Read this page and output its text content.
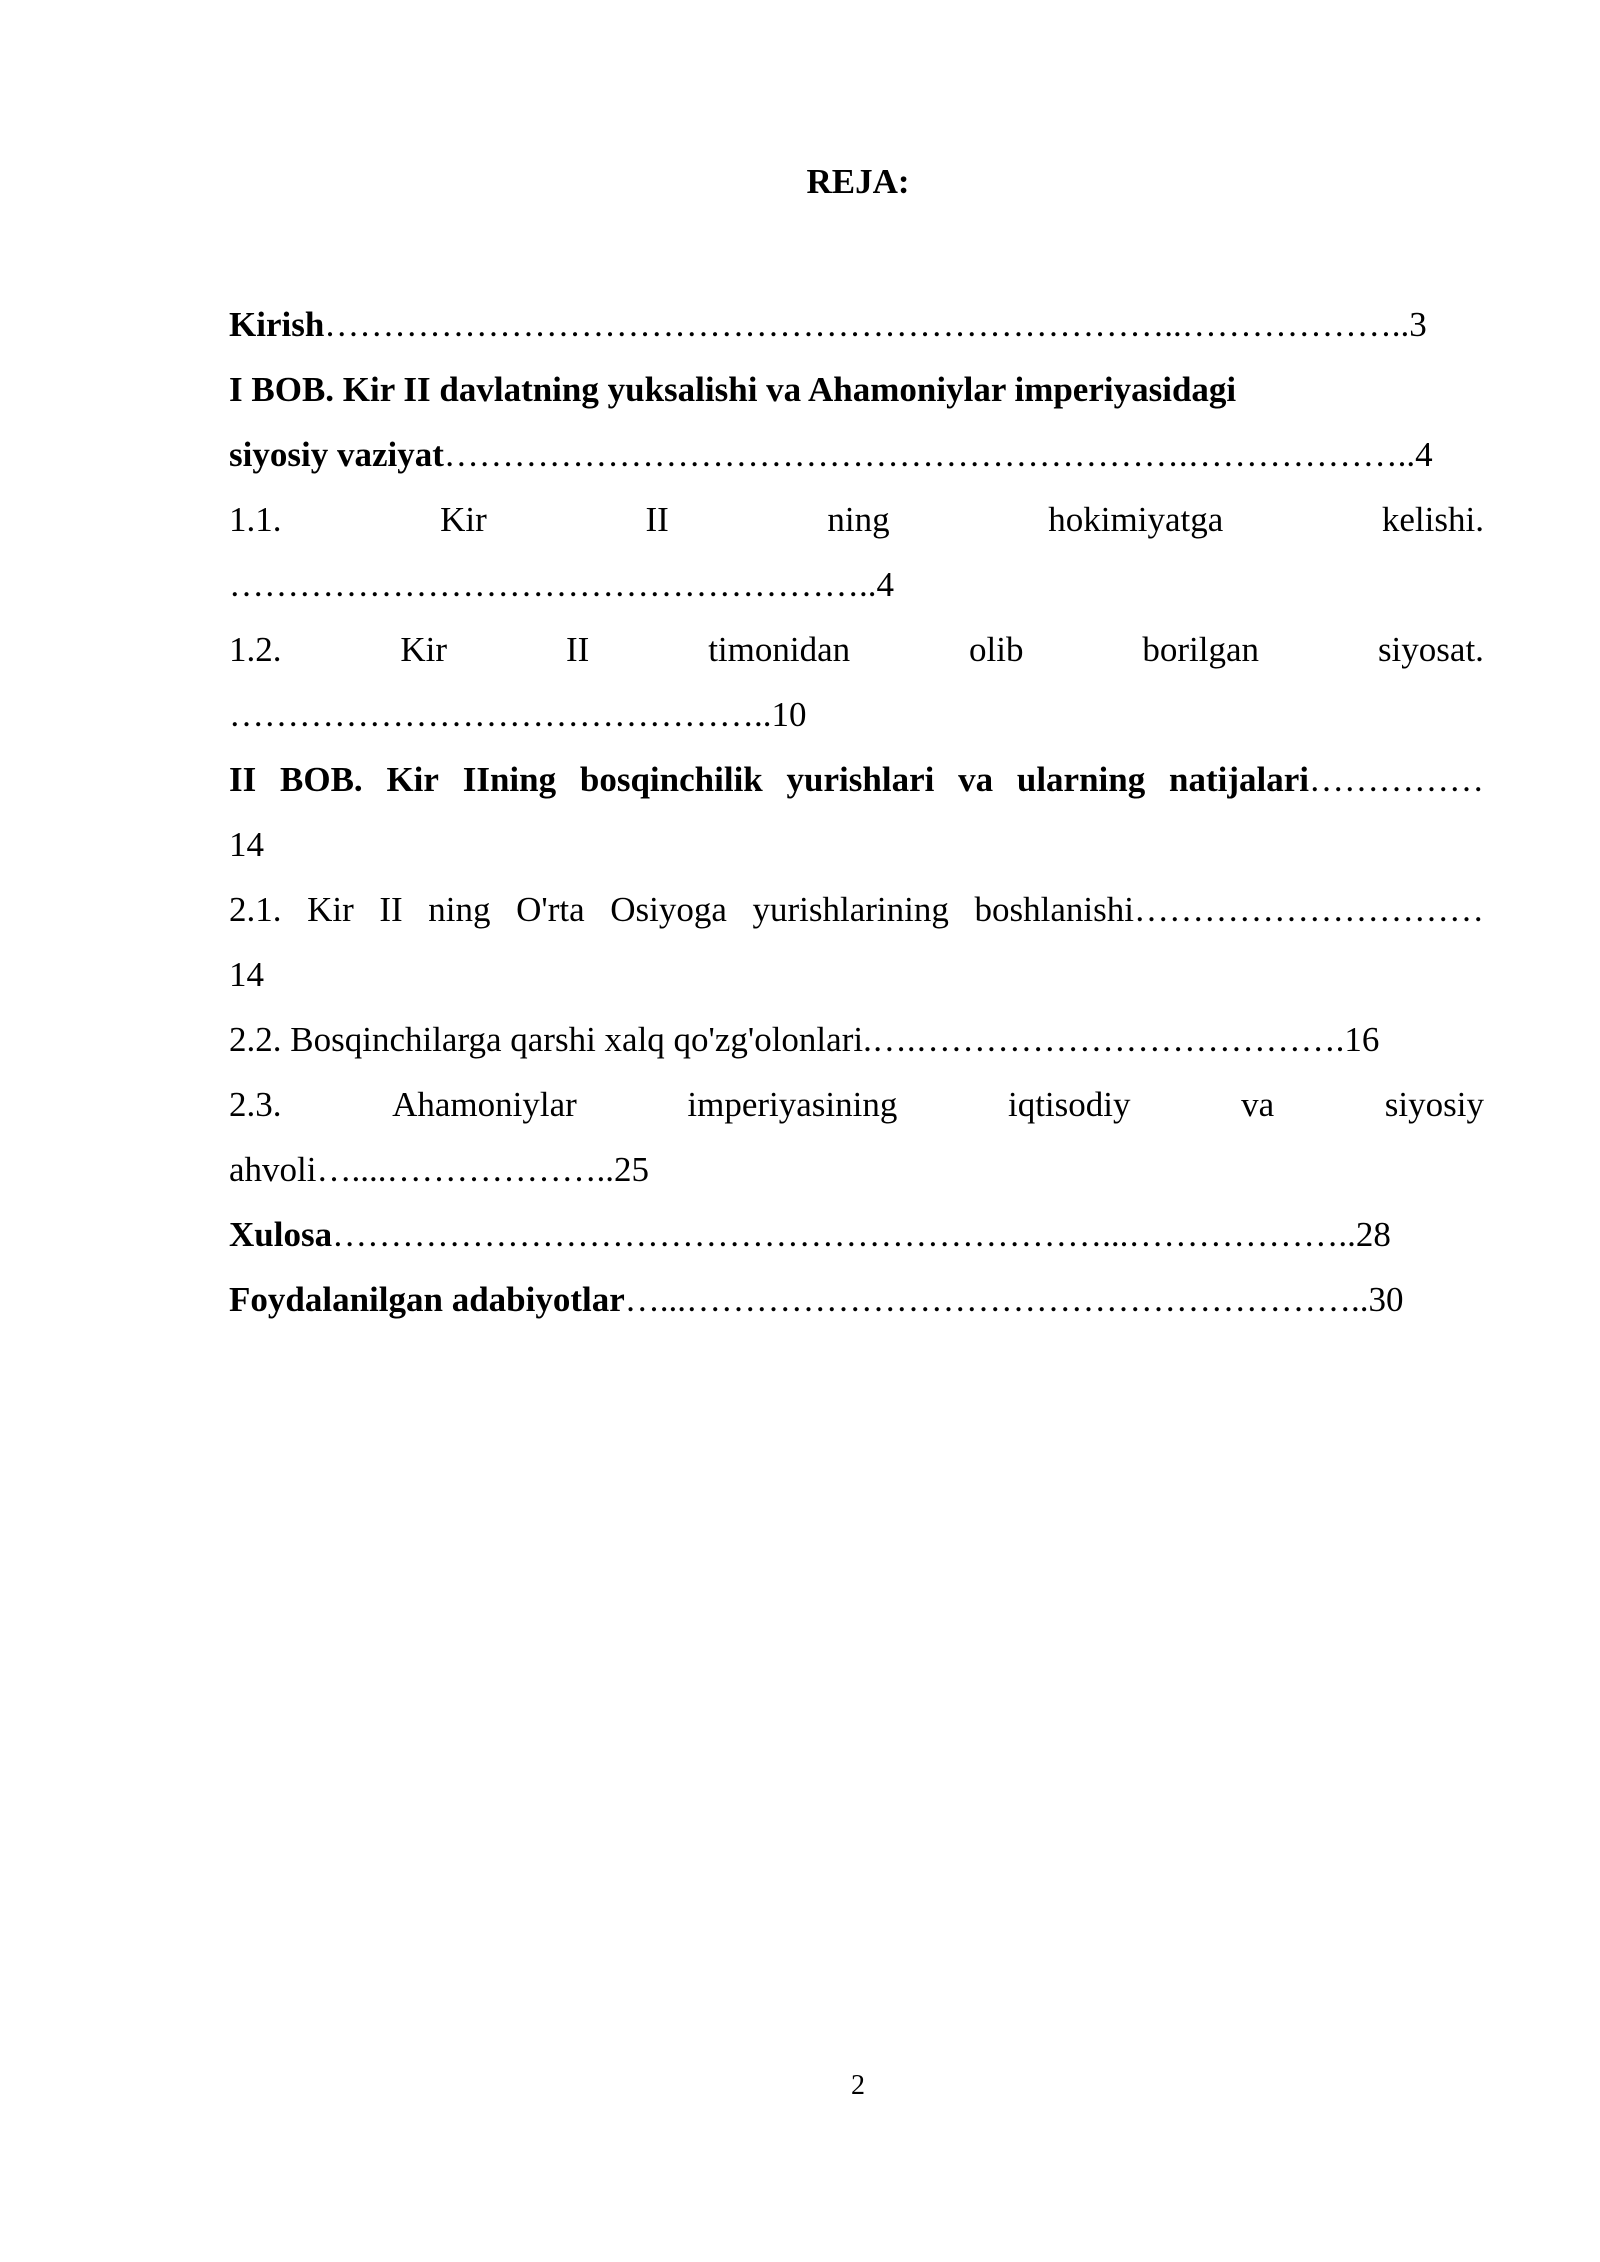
REJA:
Kirish………………………………………………………………..………………..3
I BOB. Kir II davlatning yuksalishi va Ahamoniylar imperiyasidagi
siyosiy vaziyat……………………………………………………….………………..4
1.1.	Kir	II	ning	hokimiyatga	kelishi.
………………………………………………..4
1.2.	Kir	II	timonidan	olib	borilgan	siyosat.
………………………………………..10
II BOB. Kir IIning bosqinchilik yurishlari va ularning natijalari……………
14
2.1. Kir II ning O'rta Osiyoga yurishlarining boshlanishi…………………………
14
2.2. Bosqinchilarga qarshi xalq qo'zg'olonlari.….……………………………….16
2.3.	Ahamoniylar	imperiyasining	iqtisodiy	va	siyosiy
ahvoli…....………………..25
Xulosa…………………………………………………………...………………..28
Foydalanilgan adabiyotlar…...…………………………………………………..30
2
